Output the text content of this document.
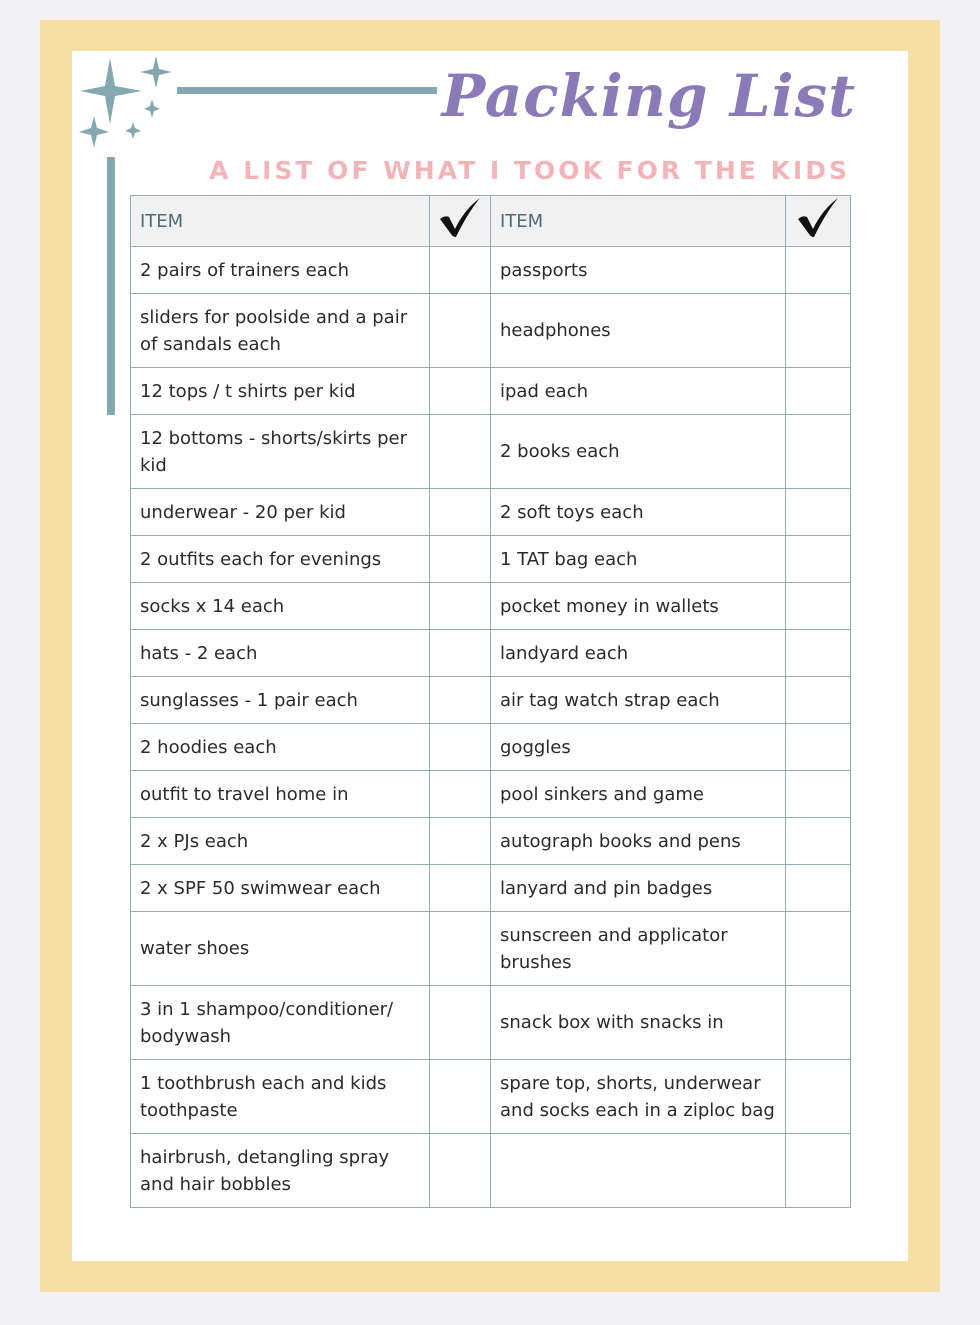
Packing List
A LIST OF WHAT I TOOK FOR THE KIDS
ITEM		ITEM	
2 pairs of trainers each		passports	
sliders for poolside and a pair of sandals each		headphones	
12 tops / t shirts per kid		ipad each	
12 bottoms - shorts/skirts per kid		2 books each	
underwear - 20 per kid		2 soft toys each	
2 outfits each for evenings		1 TAT bag each	
socks x 14 each		pocket money in wallets	
hats - 2 each		landyard each	
sunglasses - 1 pair each		air tag watch strap each	
2 hoodies each		goggles	
outfit to travel home in		pool sinkers and game	
2 x PJs each		autograph books and pens	
2 x SPF 50 swimwear each		lanyard and pin badges	
water shoes		sunscreen and applicator brushes	
3 in 1 shampoo/conditioner/ bodywash		snack box with snacks in	
1 toothbrush each and kids toothpaste		spare top, shorts, underwear and socks each in a ziploc bag	
hairbrush, detangling spray and hair bobbles			
